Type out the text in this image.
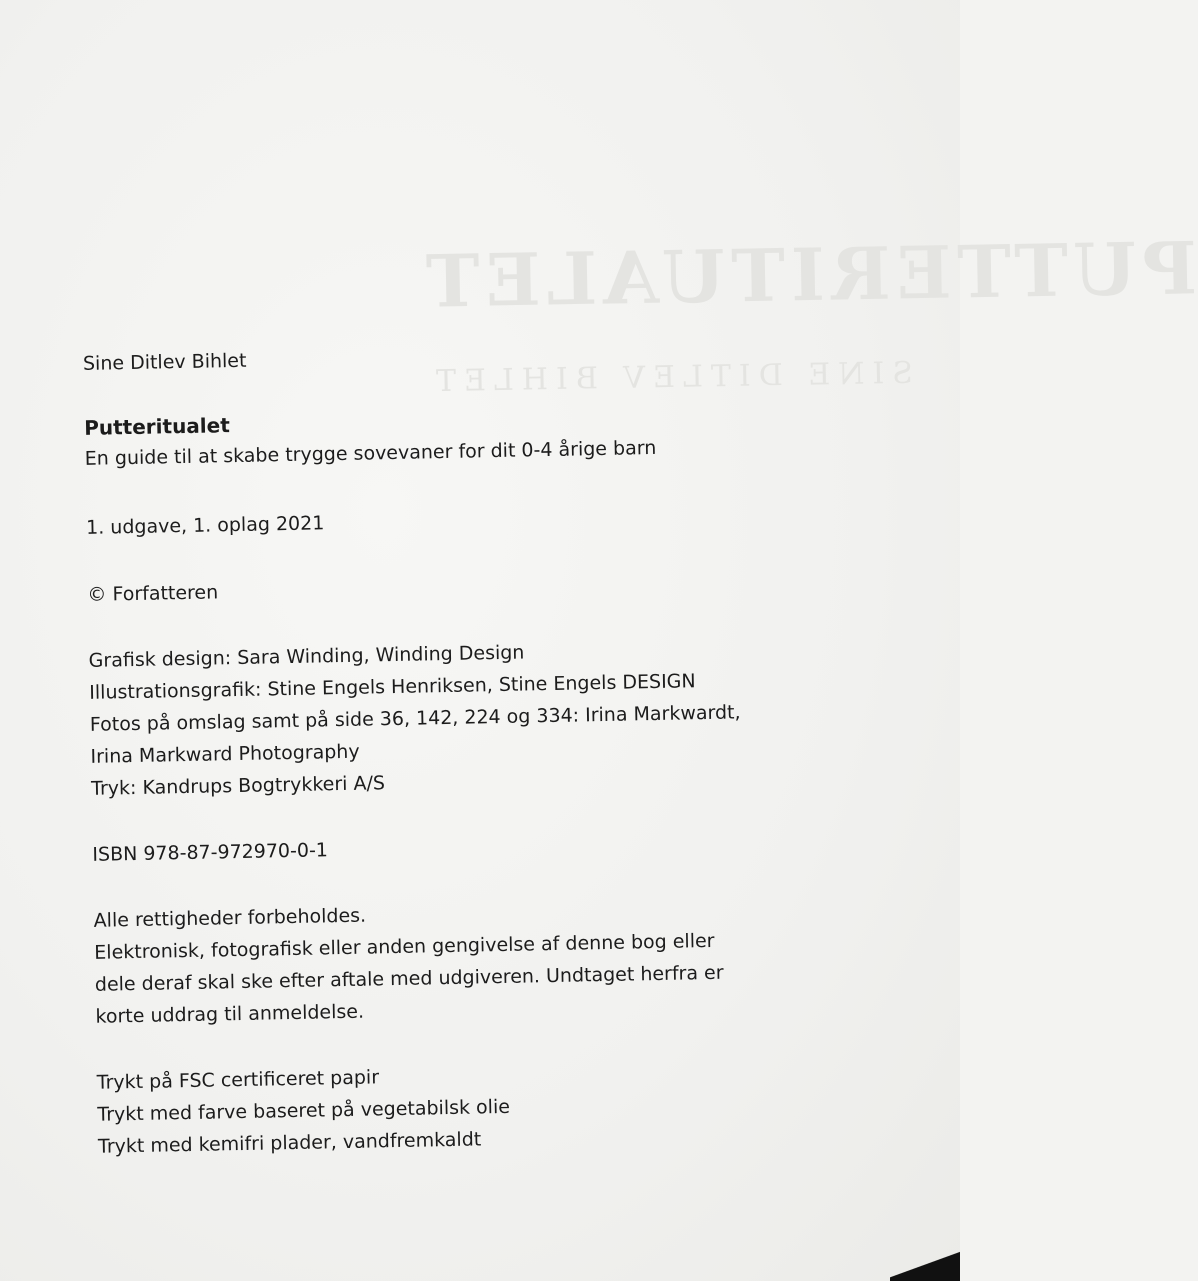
PUTTERITUALET
SINE DITLEV BIHLET
Sine Ditlev Bihlet
Putteritualet
En guide til at skabe trygge sovevaner for dit 0-4 årige barn
1. udgave, 1. oplag 2021
© Forfatteren
Grafisk design: Sara Winding, Winding Design
Illustrationsgrafik: Stine Engels Henriksen, Stine Engels DESIGN
Fotos på omslag samt på side 36, 142, 224 og 334: Irina Markwardt,
Irina Markward Photography
Tryk: Kandrups Bogtrykkeri A/S
ISBN 978-87-972970-0-1
Alle rettigheder forbeholdes.
Elektronisk, fotografisk eller anden gengivelse af denne bog eller
dele deraf skal ske efter aftale med udgiveren. Undtaget herfra er
korte uddrag til anmeldelse.
Trykt på FSC certificeret papir
Trykt med farve baseret på vegetabilsk olie
Trykt med kemifri plader, vandfremkaldt
